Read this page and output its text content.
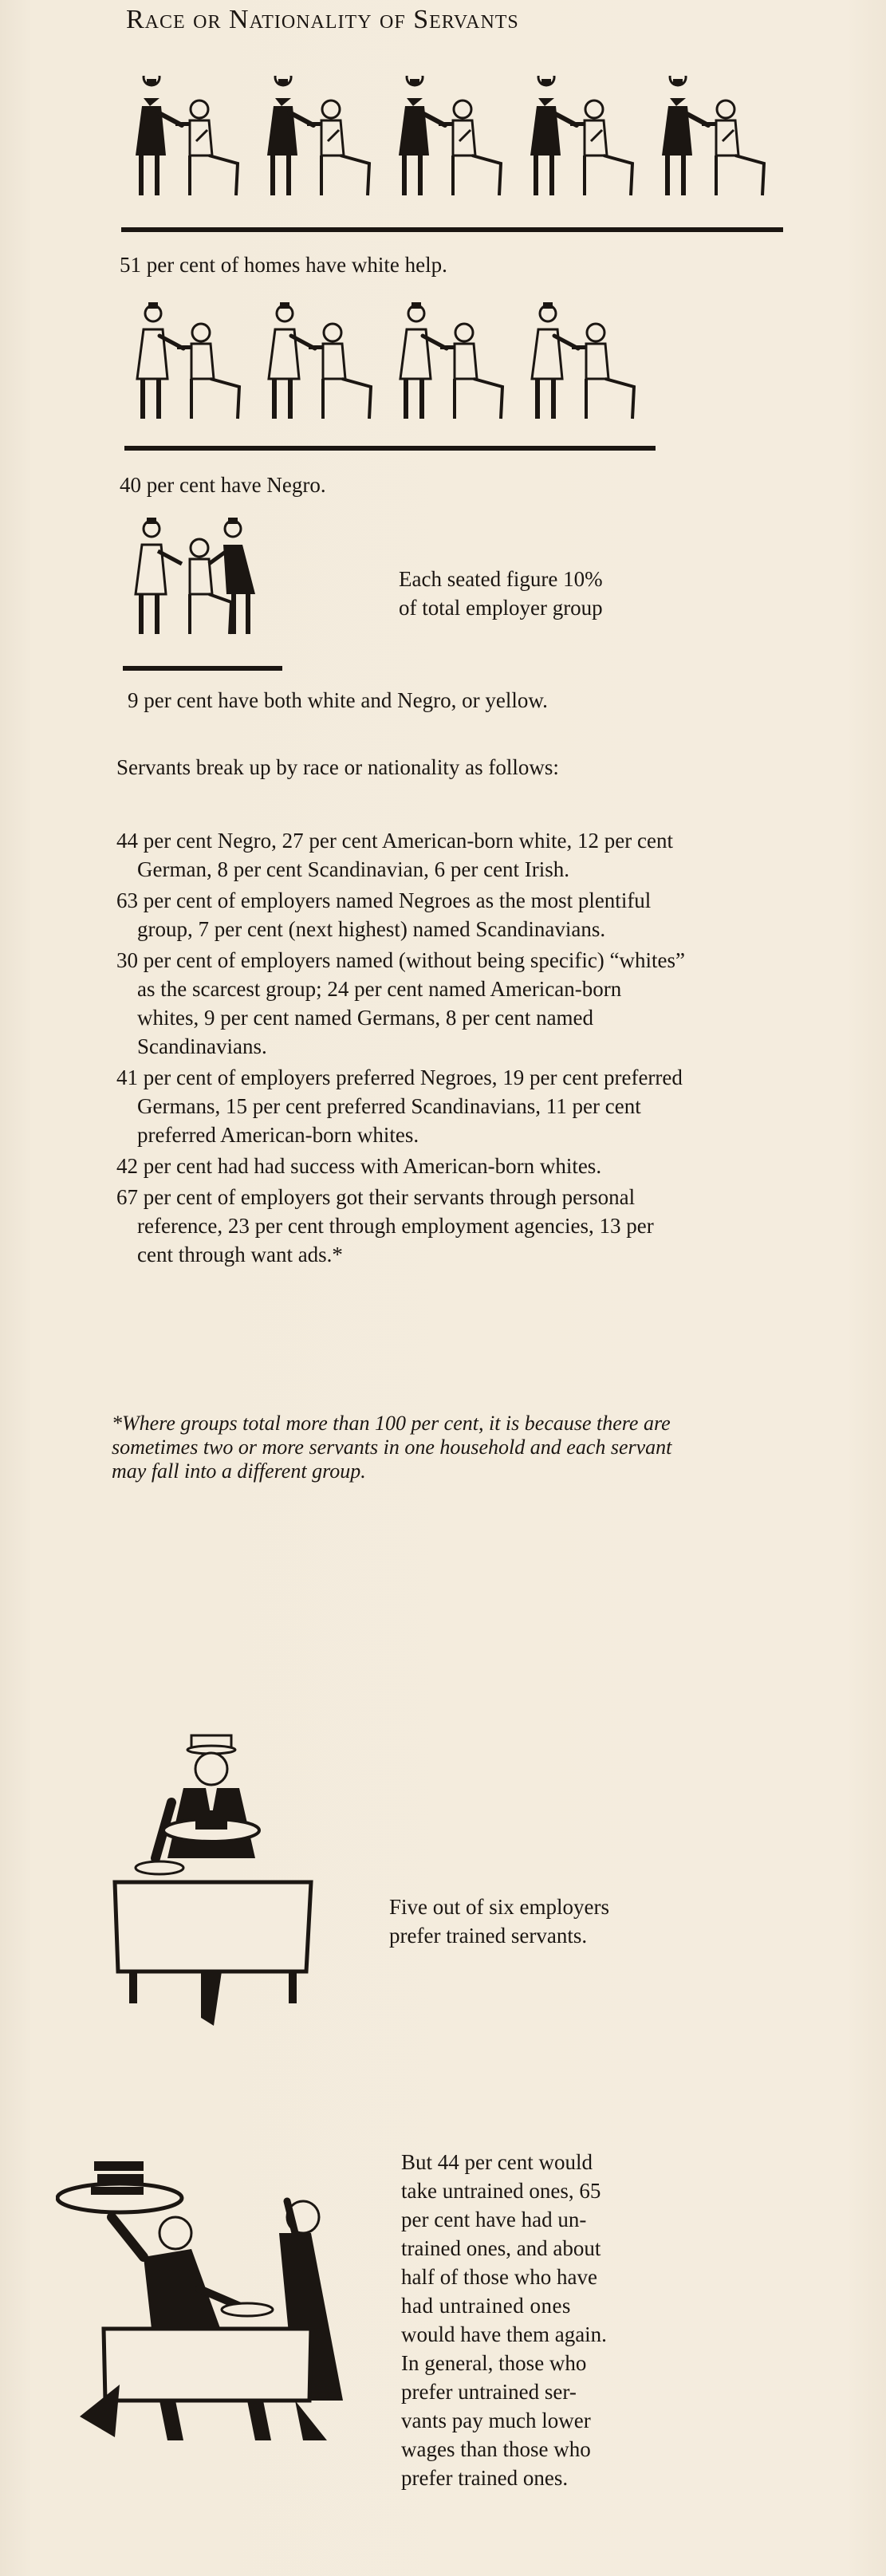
Race or Nationality of Servants
51 per cent of homes have white help.
40 per cent have Negro.
Each seated figure 10%
of total employer group
9 per cent have both white and Negro, or yellow.
Servants break up by race or nationality as follows:
44 per cent Negro, 27 per cent American-born white, 12 per cent German, 8 per cent Scandinavian, 6 per cent Irish.
63 per cent of employers named Negroes as the most plentiful group, 7 per cent (next highest) named Scandinavians.
30 per cent of employers named (without being specific) “whites” as the scarcest group; 24 per cent named American-born whites, 9 per cent named Germans, 8 per cent named Scandinavians.
41 per cent of employers preferred Negroes, 19 per cent preferred Germans, 15 per cent preferred Scandinavians, 11 per cent preferred American-born whites.
42 per cent had had success with American-born whites.
67 per cent of employers got their servants through personal reference, 23 per cent through employment agencies, 13 per cent through want ads.*
*Where groups total more than 100 per cent, it is because there are sometimes two or more servants in one household and each servant may fall into a different group.
Five out of six employers
prefer trained servants.
But 44 per cent would
take untrained ones, 65
per cent have had un-
trained ones, and about
half of those who have
had untrained ones
would have them again.
In general, those who
prefer untrained ser-
vants pay much lower
wages than those who
prefer trained ones.
